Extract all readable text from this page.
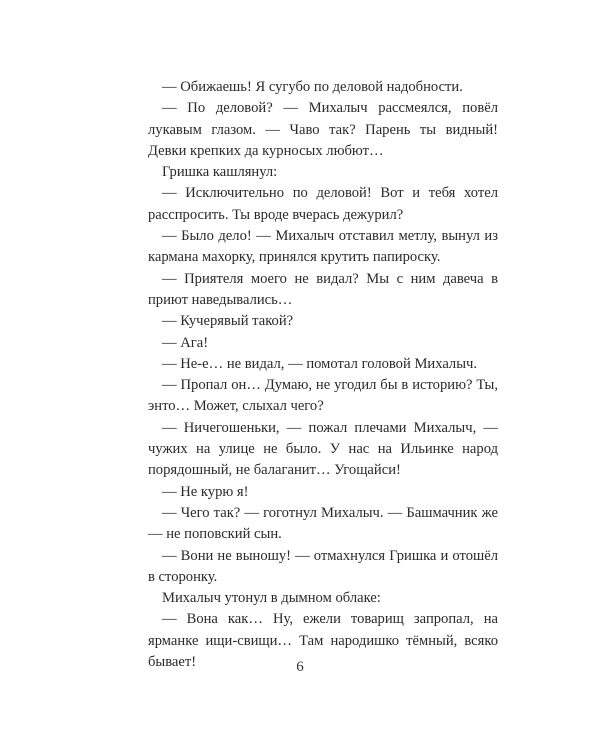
— Обижаешь! Я сугубо по деловой надобности.

— По деловой? — Михалыч рассмеялся, повёл лукавым глазом. — Чаво так? Парень ты видный! Девки крепких да курносых любют…

Гришка кашлянул:

— Исключительно по деловой! Вот и тебя хотел расспросить. Ты вроде вчерась дежурил?

— Было дело! — Михалыч отставил метлу, вынул из кармана махорку, принялся крутить папироску.

— Приятеля моего не видал? Мы с ним давеча в приют наведывались…

— Кучерявый такой?

— Ага!

— Не-е… не видал, — помотал головой Михалыч.

— Пропал он… Думаю, не угодил бы в историю? Ты, энто… Может, слыхал чего?

— Ничегошеньки, — пожал плечами Михалыч, — чужих на улице не было. У нас на Ильинке народ порядошный, не балаганит… Угощайси!

— Не курю я!

— Чего так? — гоготнул Михалыч. — Башмачник же — не поповский сын.

— Вони не выношу! — отмахнулся Гришка и отошёл в сторонку.

Михалыч утонул в дымном облаке:

— Вона как… Ну, ежели товарищ запропал, на ярманке ищи-свищи… Там народишко тёмный, всяко бывает!	6
